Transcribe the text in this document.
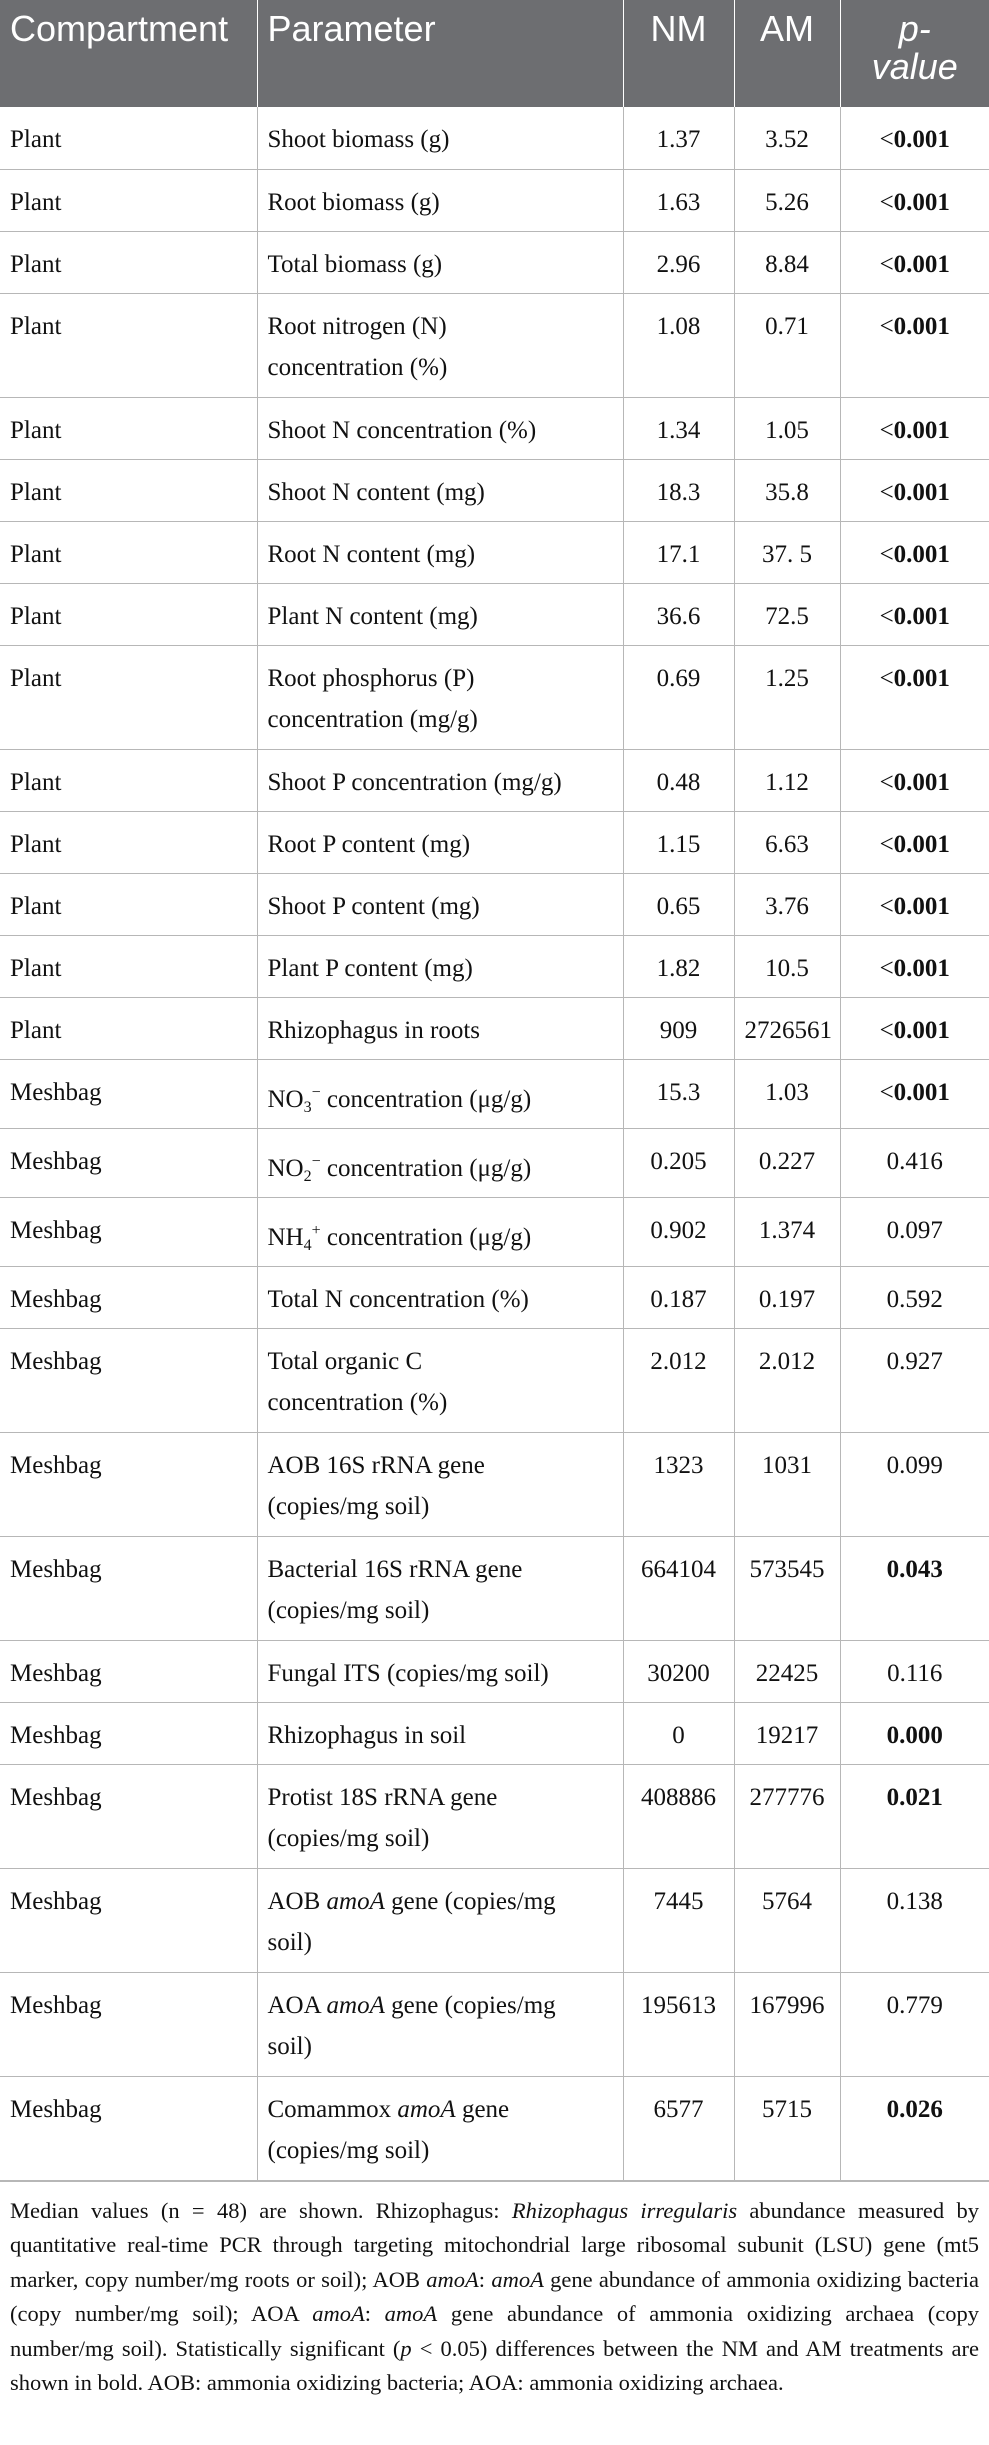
Compartment	Parameter	NM	AM	p-
value
Plant	Shoot biomass (g)	1.37	3.52	<0.001
Plant	Root biomass (g)	1.63	5.26	<0.001
Plant	Total biomass (g)	2.96	8.84	<0.001
Plant	Root nitrogen (N)
concentration (%)	1.08	0.71	<0.001
Plant	Shoot N concentration (%)	1.34	1.05	<0.001
Plant	Shoot N content (mg)	18.3	35.8	<0.001
Plant	Root N content (mg)	17.1	37. 5	<0.001
Plant	Plant N content (mg)	36.6	72.5	<0.001
Plant	Root phosphorus (P)
concentration (mg/g)	0.69	1.25	<0.001
Plant	Shoot P concentration (mg/g)	0.48	1.12	<0.001
Plant	Root P content (mg)	1.15	6.63	<0.001
Plant	Shoot P content (mg)	0.65	3.76	<0.001
Plant	Plant P content (mg)	1.82	10.5	<0.001
Plant	Rhizophagus in roots	909	2726561	<0.001
Meshbag	$NO_3^-$ concentration (μg/g)	15.3	1.03	<0.001
Meshbag	$NO_2^-$ concentration (μg/g)	0.205	0.227	0.416
Meshbag	$NH_4^+$ concentration (μg/g)	0.902	1.374	0.097
Meshbag	Total N concentration (%)	0.187	0.197	0.592
Meshbag	Total organic C
concentration (%)	2.012	2.012	0.927
Meshbag	AOB 16S rRNA gene
(copies/mg soil)	1323	1031	0.099
Meshbag	Bacterial 16S rRNA gene
(copies/mg soil)	664104	573545	0.043
Meshbag	Fungal ITS (copies/mg soil)	30200	22425	0.116
Meshbag	Rhizophagus in soil	0	19217	0.000
Meshbag	Protist 18S rRNA gene
(copies/mg soil)	408886	277776	0.021
Meshbag	AOB amoA gene (copies/mg
soil)	7445	5764	0.138
Meshbag	AOA amoA gene (copies/mg
soil)	195613	167996	0.779
Meshbag	Comammox amoA gene
(copies/mg soil)	6577	5715	0.026
Median values (n = 48) are shown. Rhizophagus: Rhizophagus irregularis abundance measured by quantitative real-time PCR through targeting mitochondrial large ribosomal subunit (LSU) gene (mt5 marker, copy number/mg roots or soil); AOB amoA: amoA gene abundance of ammonia oxidizing bacteria (copy number/mg soil); AOA amoA: amoA gene abundance of ammonia oxidizing archaea (copy number/mg soil). Statistically significant (p < 0.05) differences between the NM and AM treatments are shown in bold. AOB: ammonia oxidizing bacteria; AOA: ammonia oxidizing archaea.
